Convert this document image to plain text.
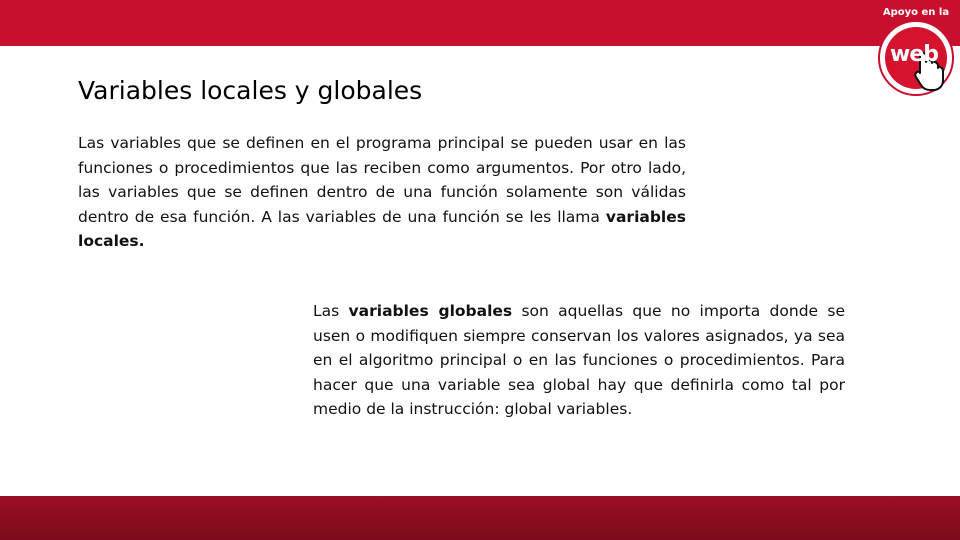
Apoyo en la
web
Variables locales y globales

Las variables que se definen en el programa principal se pueden usar en las funciones o procedimientos que las reciben como argumentos. Por otro lado, las variables que se definen dentro de una función solamente son válidas dentro de esa función. A las variables de una función se les llama variables locales.

Las variables globales son aquellas que no importa donde se usen o modifiquen siempre conservan los valores asignados, ya sea en el algoritmo principal o en las funciones o procedimientos. Para hacer que una variable sea global hay que definirla como tal por medio de la instrucción: global variables.
